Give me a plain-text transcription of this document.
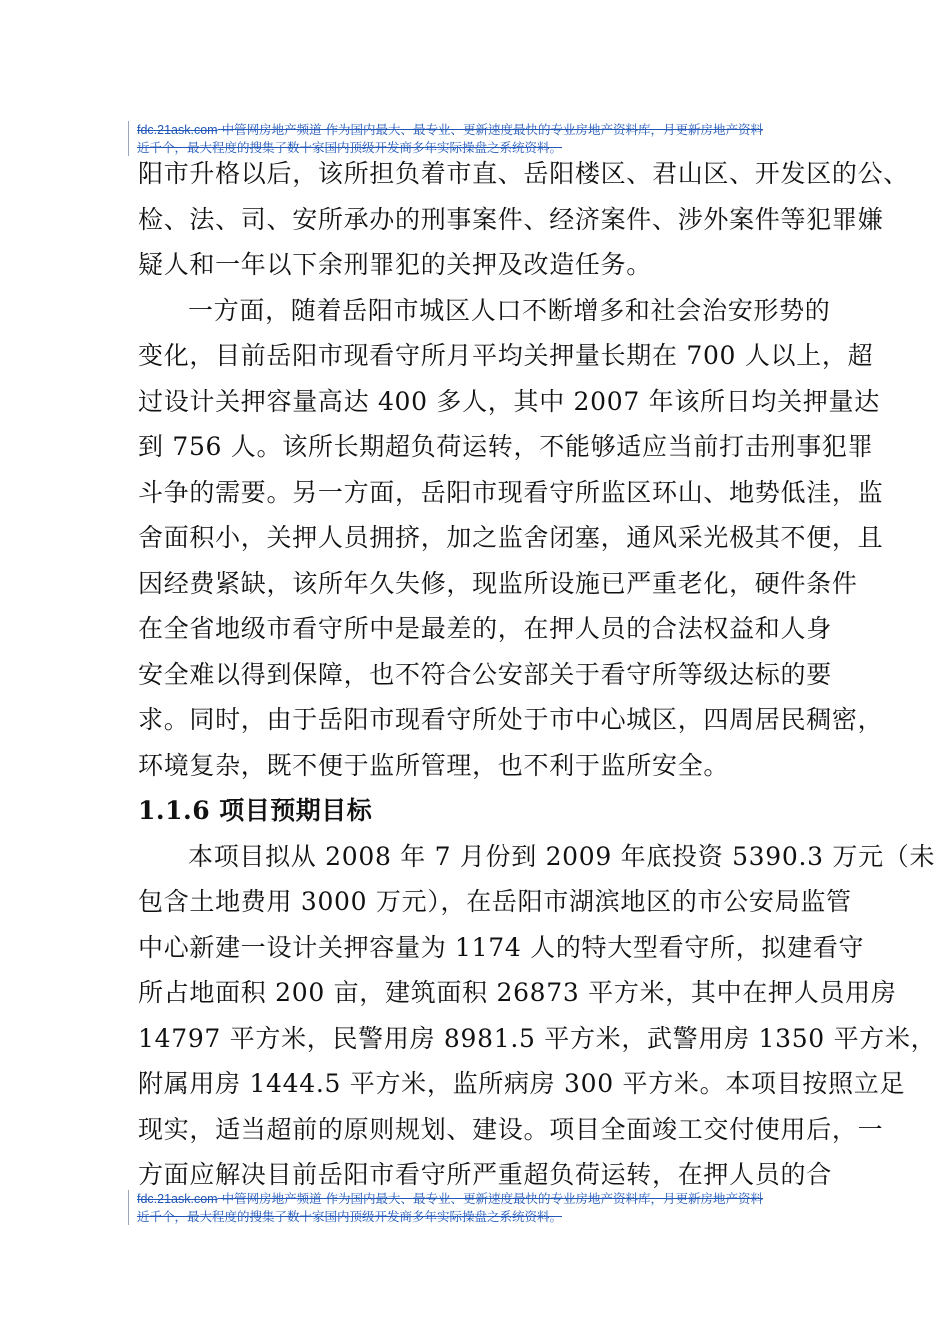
fdc.21ask.com 中管网房地产频道 作为国内最大、最专业、更新速度最快的专业房地产资料库，月更新房地产资料
近千个，最大程度的搜集了数十家国内顶级开发商多年实际操盘之系统资料。
阳市升格以后，该所担负着市直、岳阳楼区、君山区、开发区的公、
检、法、司、安所承办的刑事案件、经济案件、涉外案件等犯罪嫌
疑人和一年以下余刑罪犯的关押及改造任务。
一方面，随着岳阳市城区人口不断增多和社会治安形势的
变化，目前岳阳市现看守所月平均关押量长期在 700 人以上，超
过设计关押容量高达 400 多人，其中 2007 年该所日均关押量达
到 756 人。该所长期超负荷运转，不能够适应当前打击刑事犯罪
斗争的需要。另一方面，岳阳市现看守所监区环山、地势低洼，监
舍面积小，关押人员拥挤，加之监舍闭塞，通风采光极其不便，且
因经费紧缺，该所年久失修，现监所设施已严重老化，硬件条件
在全省地级市看守所中是最差的，在押人员的合法权益和人身
安全难以得到保障，也不符合公安部关于看守所等级达标的要
求。同时，由于岳阳市现看守所处于市中心城区，四周居民稠密，
环境复杂，既不便于监所管理，也不利于监所安全。
1.1.6 项目预期目标
本项目拟从 2008 年 7 月份到 2009 年底投资 5390.3 万元（未
包含土地费用 3000 万元），在岳阳市湖滨地区的市公安局监管
中心新建一设计关押容量为 1174 人的特大型看守所，拟建看守
所占地面积 200 亩，建筑面积 26873 平方米，其中在押人员用房
14797 平方米，民警用房 8981.5 平方米，武警用房 1350 平方米，
附属用房 1444.5 平方米，监所病房 300 平方米。本项目按照立足
现实，适当超前的原则规划、建设。项目全面竣工交付使用后，一
方面应解决目前岳阳市看守所严重超负荷运转，在押人员的合
fdc.21ask.com 中管网房地产频道 作为国内最大、最专业、更新速度最快的专业房地产资料库，月更新房地产资料
近千个，最大程度的搜集了数十家国内顶级开发商多年实际操盘之系统资料。
